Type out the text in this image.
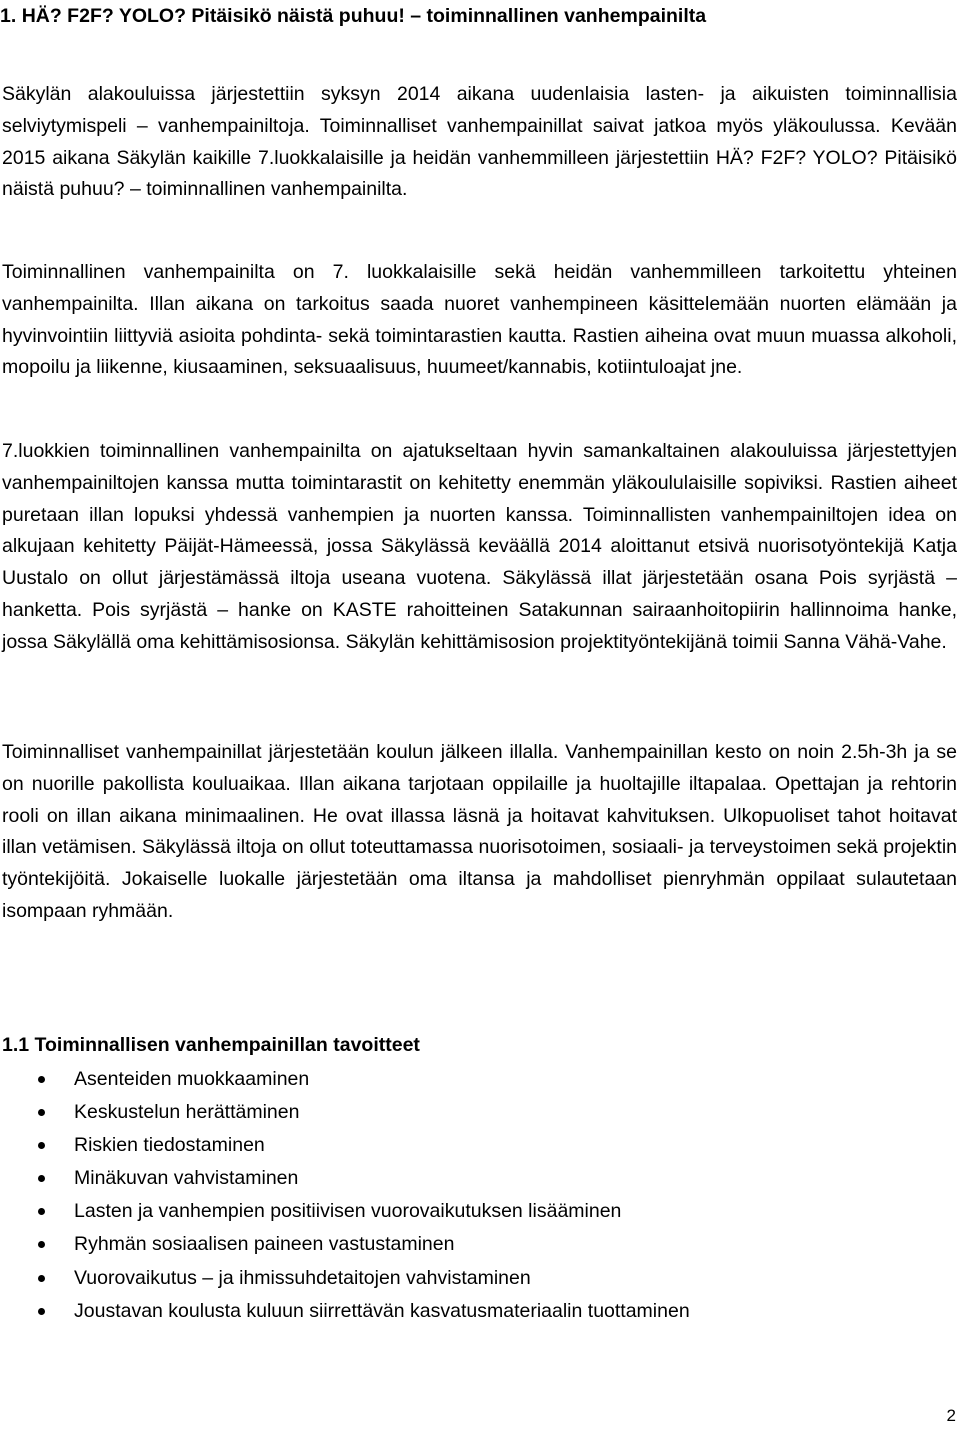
1. HÄ? F2F? YOLO? Pitäisikö näistä puhuu! – toiminnallinen vanhempainilta

Säkylän alakouluissa järjestettiin syksyn 2014 aikana uudenlaisia lasten- ja aikuisten toiminnallisia selviytymispeli – vanhempainiltoja. Toiminnalliset vanhempainillat saivat jatkoa myös yläkoulussa. Kevään 2015 aikana Säkylän kaikille 7.luokkalaisille ja heidän vanhemmilleen järjestettiin HÄ? F2F? YOLO? Pitäisikö näistä puhuu? – toiminnallinen vanhempainilta.

Toiminnallinen vanhempainilta on 7. luokkalaisille sekä heidän vanhemmilleen tarkoitettu yhteinen vanhempainilta. Illan aikana on tarkoitus saada nuoret vanhempineen käsittelemään nuorten elämään ja hyvinvointiin liittyviä asioita pohdinta- sekä toimintarastien kautta. Rastien aiheina ovat muun muassa alkoholi, mopoilu ja liikenne, kiusaaminen, seksuaalisuus, huumeet/kannabis, kotiintuloajat jne.

7.luokkien toiminnallinen vanhempainilta on ajatukseltaan hyvin samankaltainen alakouluissa järjestettyjen vanhempainiltojen kanssa mutta toimintarastit on kehitetty enemmän yläkoululaisille sopiviksi. Rastien aiheet puretaan illan lopuksi yhdessä vanhempien ja nuorten kanssa. Toiminnallisten vanhempainiltojen idea on alkujaan kehitetty Päijät-Hämeessä, jossa Säkylässä keväällä 2014 aloittanut etsivä nuorisotyöntekijä Katja Uustalo on ollut järjestämässä iltoja useana vuotena. Säkylässä illat järjestetään osana Pois syrjästä – hanketta. Pois syrjästä – hanke on KASTE rahoitteinen Satakunnan sairaanhoitopiirin hallinnoima hanke, jossa Säkylällä oma kehittämisosionsa. Säkylän kehittämisosion projektityöntekijänä toimii Sanna Vähä-Vahe.

Toiminnalliset vanhempainillat järjestetään koulun jälkeen illalla. Vanhempainillan kesto on noin 2.5h-3h ja se on nuorille pakollista kouluaikaa. Illan aikana tarjotaan oppilaille ja huoltajille iltapalaa. Opettajan ja rehtorin rooli on illan aikana minimaalinen. He ovat illassa läsnä ja hoitavat kahvituksen. Ulkopuoliset tahot hoitavat illan vetämisen. Säkylässä iltoja on ollut toteuttamassa nuorisotoimen, sosiaali- ja terveystoimen sekä projektin työntekijöitä. Jokaiselle luokalle järjestetään oma iltansa ja mahdolliset pienryhmän oppilaat sulautetaan isompaan ryhmään.

1.1 Toiminnallisen vanhempainillan tavoitteet
Asenteiden muokkaaminen
Keskustelun herättäminen
Riskien tiedostaminen
Minäkuvan vahvistaminen
Lasten ja vanhempien positiivisen vuorovaikutuksen lisääminen
Ryhmän sosiaalisen paineen vastustaminen
Vuorovaikutus – ja ihmissuhdetaitojen vahvistaminen
Joustavan koulusta kuluun siirrettävän kasvatusmateriaalin tuottaminen
2
